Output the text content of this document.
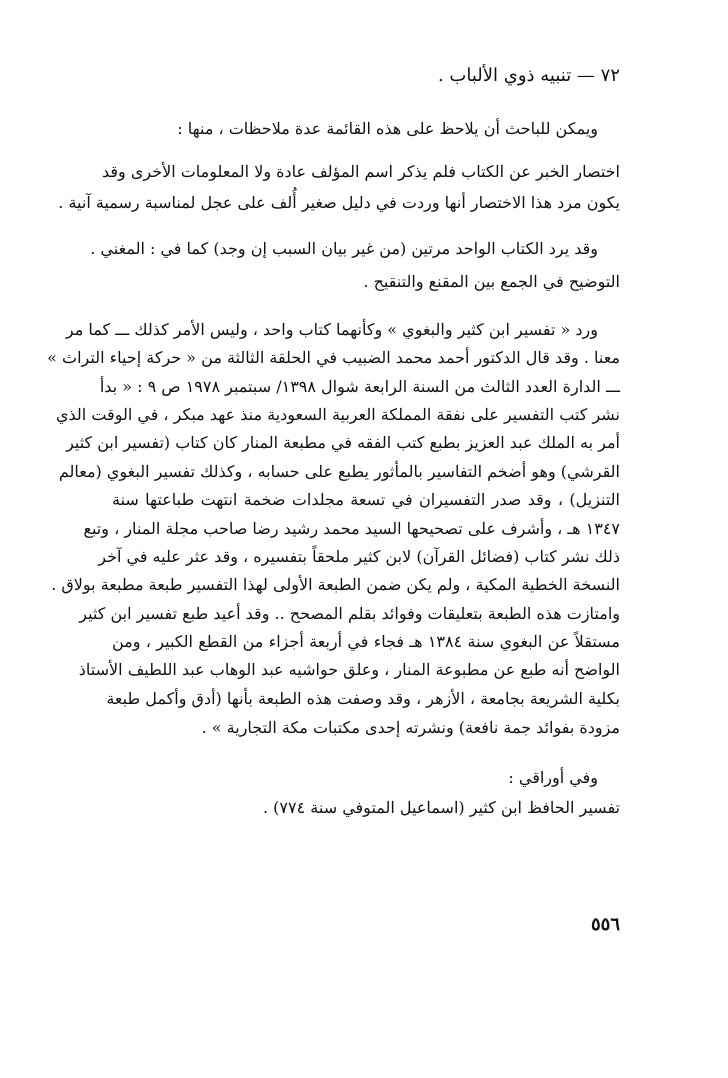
٧٢ — تنبيه ذوي الألباب .
ويمكن للباحث أن يلاحظ على هذه القائمة عدة ملاحظات ، منها :
اختصار الخبر عن الكتاب فلم يذكر اسم المؤلف عادة ولا المعلومات الأخرى وقد
يكون مرد هذا الاختصار أنها وردت في دليل صغير أُلف على عجل لمناسبة رسمية آنية .
وقد يرد الكتاب الواحد مرتين (من غير بيان السبب إن وجد) كما في : المغني .
التوضيح في الجمع بين المقنع والتنقيح .
ورد « تفسير ابن كثير والبغوي » وكأنهما كتاب واحد ، وليس الأمر كذلك ـــ كما مر
معنا . وقد قال الدكتور أحمد محمد الضبيب في الحلقة الثالثة من « حركة إحياء التراث »
ـــ الدارة العدد الثالث من السنة الرابعة شوال ١٣٩٨/ سبتمبر ١٩٧٨ ص ٩ : « بدأ
نشر كتب التفسير على نفقة المملكة العربية السعودية منذ عهد مبكر ، في الوقت الذي
أمر به الملك عبد العزيز بطبع كتب الفقه في مطبعة المنار كان كتاب (تفسير ابن كثير
القرشي) وهو أضخم التفاسير بالمأثور يطبع على حسابه ، وكذلك تفسير البغوي (معالم
التنزيل) ، وقد صدر التفسيران في تسعة مجلدات ضخمة انتهت طباعتها سنة
١٣٤٧ هـ ، وأشرف على تصحيحها السيد محمد رشيد رضا صاحب مجلة المنار ، وتبع
ذلك نشر كتاب (فضائل القرآن) لابن كثير ملحقاً بتفسيره ، وقد عثر عليه في آخر
النسخة الخطية المكية ، ولم يكن ضمن الطبعة الأولى لهذا التفسير طبعة مطبعة بولاق .
وامتازت هذه الطبعة بتعليقات وفوائد بقلم المصحح .. وقد أعيد طبع تفسير ابن كثير
مستقلاً عن البغوي سنة ١٣٨٤ هـ فجاء في أربعة أجزاء من القطع الكبير ، ومن
الواضح أنه طبع عن مطبوعة المنار ، وعلق حواشيه عبد الوهاب عبد اللطيف الأستاذ
بكلية الشريعة بجامعة ، الأزهر ، وقد وصفت هذه الطبعة بأنها (أدق وأكمل طبعة
مزودة بفوائد جمة نافعة) ونشرته إحدى مكتبات مكة التجارية » .
وفي أوراقي :
تفسير الحافظ ابن كثير (اسماعيل المتوفي سنة ٧٧٤) .
٥٥٦
